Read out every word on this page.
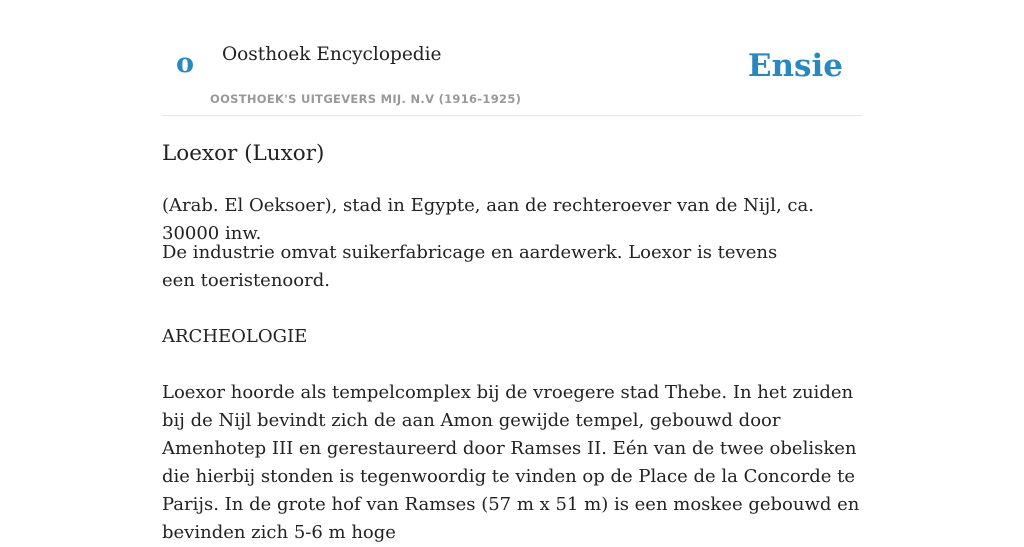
o Oosthoek Encyclopedie
OOSTHOEK'S UITGEVERS MIJ. N.V (1916-1925)
Ensie
Loexor (Luxor)

(Arab. El Oeksoer), stad in Egypte, aan de rechteroever van de Nijl, ca. 30000 inw.

De industrie omvat suikerfabricage en aardewerk. Loexor is tevens een toeristenoord.

ARCHEOLOGIE

Loexor hoorde als tempelcomplex bij de vroegere stad Thebe. In het zuiden bij de Nijl bevindt zich de aan Amon gewijde tempel, gebouwd door Amenhotep III en gerestaureerd door Ramses II. Eén van de twee obelisken die hierbij stonden is tegenwoordig te vinden op de Place de la Concorde te Parijs. In de grote hof van Ramses (57 m x 51 m) is een moskee gebouwd en bevinden zich 5-6 m hoge
